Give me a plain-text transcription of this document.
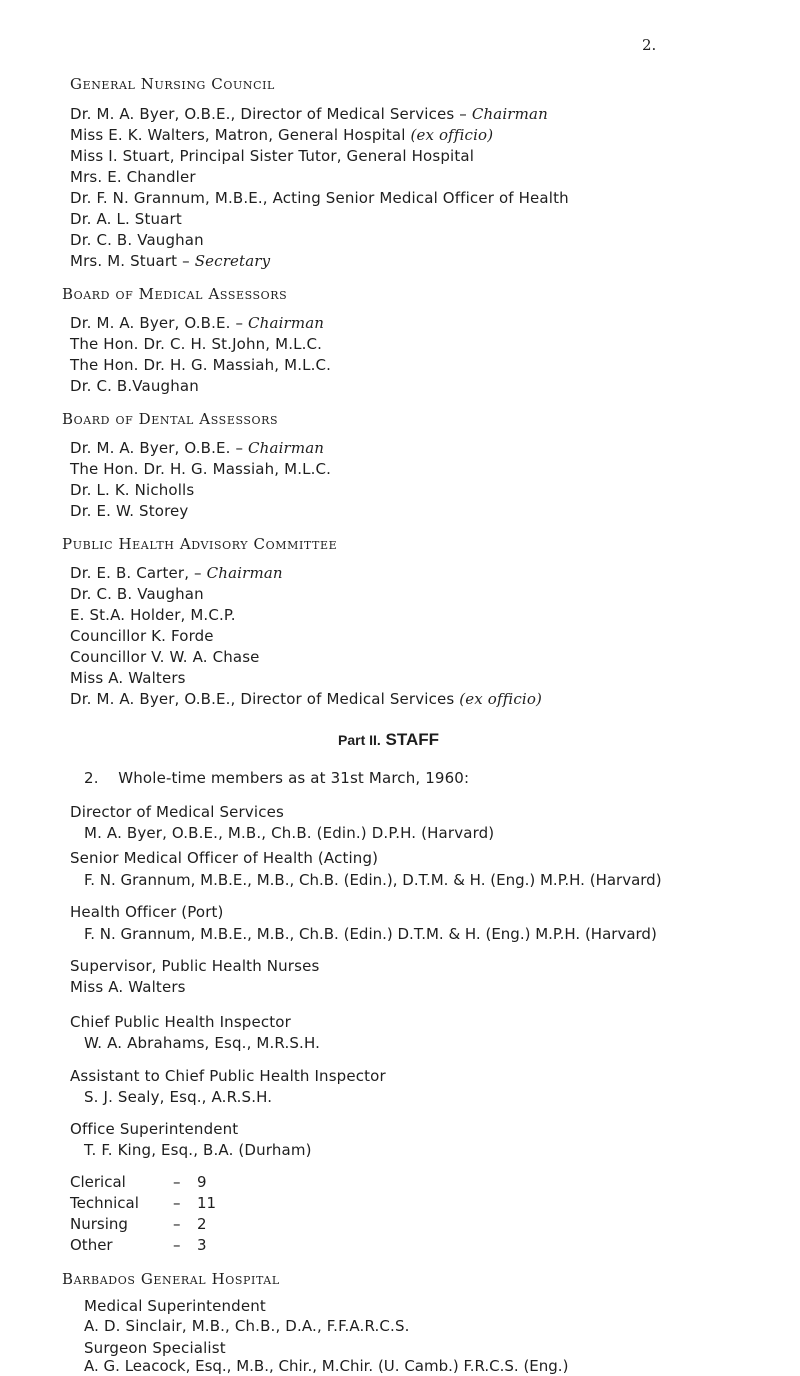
2.
General Nursing Council
Dr. M. A. Byer, O.B.E., Director of Medical Services – Chairman
Miss E. K. Walters, Matron, General Hospital (ex officio)
Miss I. Stuart, Principal Sister Tutor, General Hospital
Mrs. E. Chandler
Dr. F. N. Grannum, M.B.E., Acting Senior Medical Officer of Health
Dr. A. L. Stuart
Dr. C. B. Vaughan
Mrs. M. Stuart – Secretary
Board of Medical Assessors
Dr. M. A. Byer, O.B.E. – Chairman
The Hon. Dr. C. H. St.John, M.L.C.
The Hon. Dr. H. G. Massiah, M.L.C.
Dr. C. B.Vaughan
Board of Dental Assessors
Dr. M. A. Byer, O.B.E. – Chairman
The Hon. Dr. H. G. Massiah, M.L.C.
Dr. L. K. Nicholls
Dr. E. W. Storey
Public Health Advisory Committee
Dr. E. B. Carter, – Chairman
Dr. C. B. Vaughan
E. St.A. Holder, M.C.P.
Councillor K. Forde
Councillor V. W. A. Chase
Miss A. Walters
Dr. M. A. Byer, O.B.E., Director of Medical Services (ex officio)
Part II. STAFF
2.    Whole-time members as at 31st March, 1960:
Director of Medical Services
M. A. Byer, O.B.E., M.B., Ch.B. (Edin.) D.P.H. (Harvard)
Senior Medical Officer of Health (Acting)
F. N. Grannum, M.B.E., M.B., Ch.B. (Edin.), D.T.M. & H. (Eng.) M.P.H. (Harvard)
Health Officer (Port)
F. N. Grannum, M.B.E., M.B., Ch.B. (Edin.) D.T.M. & H. (Eng.) M.P.H. (Harvard)
Supervisor, Public Health Nurses
Miss A. Walters
Chief Public Health Inspector
W. A. Abrahams, Esq., M.R.S.H.
Assistant to Chief Public Health Inspector
S. J. Sealy, Esq., A.R.S.H.
Office Superintendent
T. F. King, Esq., B.A. (Durham)
Clerical	– 9
Technical – 11
Nursing	– 2
Other	– 3
Barbados General Hospital
Medical Superintendent
A. D. Sinclair, M.B., Ch.B., D.A., F.F.A.R.C.S.
Surgeon Specialist
A. G. Leacock, Esq., M.B., Chir., M.Chir. (U. Camb.) F.R.C.S. (Eng.)
